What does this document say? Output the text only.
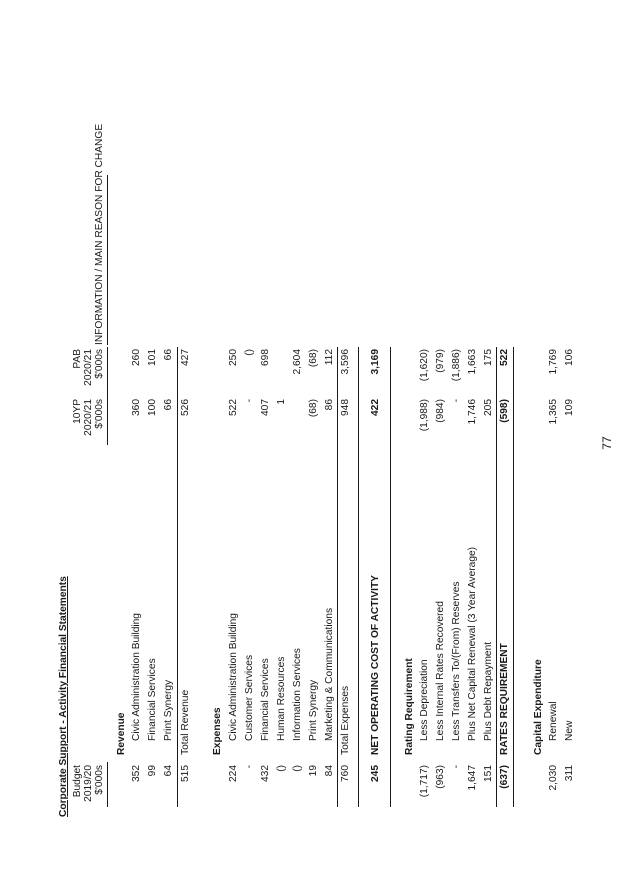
Corporate Support - Activity Financial Statements Budget 2019/20 $'000s
10YP 2020/21 $'000s
PAB 2020/21 $'000s
INFORMATION / MAIN REASON FOR CHANGE
Revenue
352
Civic Administration Building
360
260
99
Financial Services
100
101
64
Print Synergy
66
66
515
Total Revenue
526
427
Expenses
224
Civic Administration Building
522
250
-
Customer Services
-
()
432
Financial Services
407
698
()
Human Resources
1
()
Information Services
2,604
19
Print Synergy
(68)
(68)
84
Marketing & Communications
86
112
760
Total Expenses
948
3,596
245
NET OPERATING COST OF ACTIVITY
422
3,169
Rating Requirement
(1,717)
Less Depreciation
(1,988)
(1,620)
(963)
Less Internal Rates Recovered
(984)
(979)
-
Less Transfers To/(From) Reserves
-
(1,886)
1,647
Plus Net Capital Renewal (3 Year Average)
1,746
1,663
151
Plus Debt Repayment
205
175
(637)
RATES REQUIREMENT
(598)
522
Capital Expenditure
2,030
Renewal
1,365
1,769
311
New
109
106
77
